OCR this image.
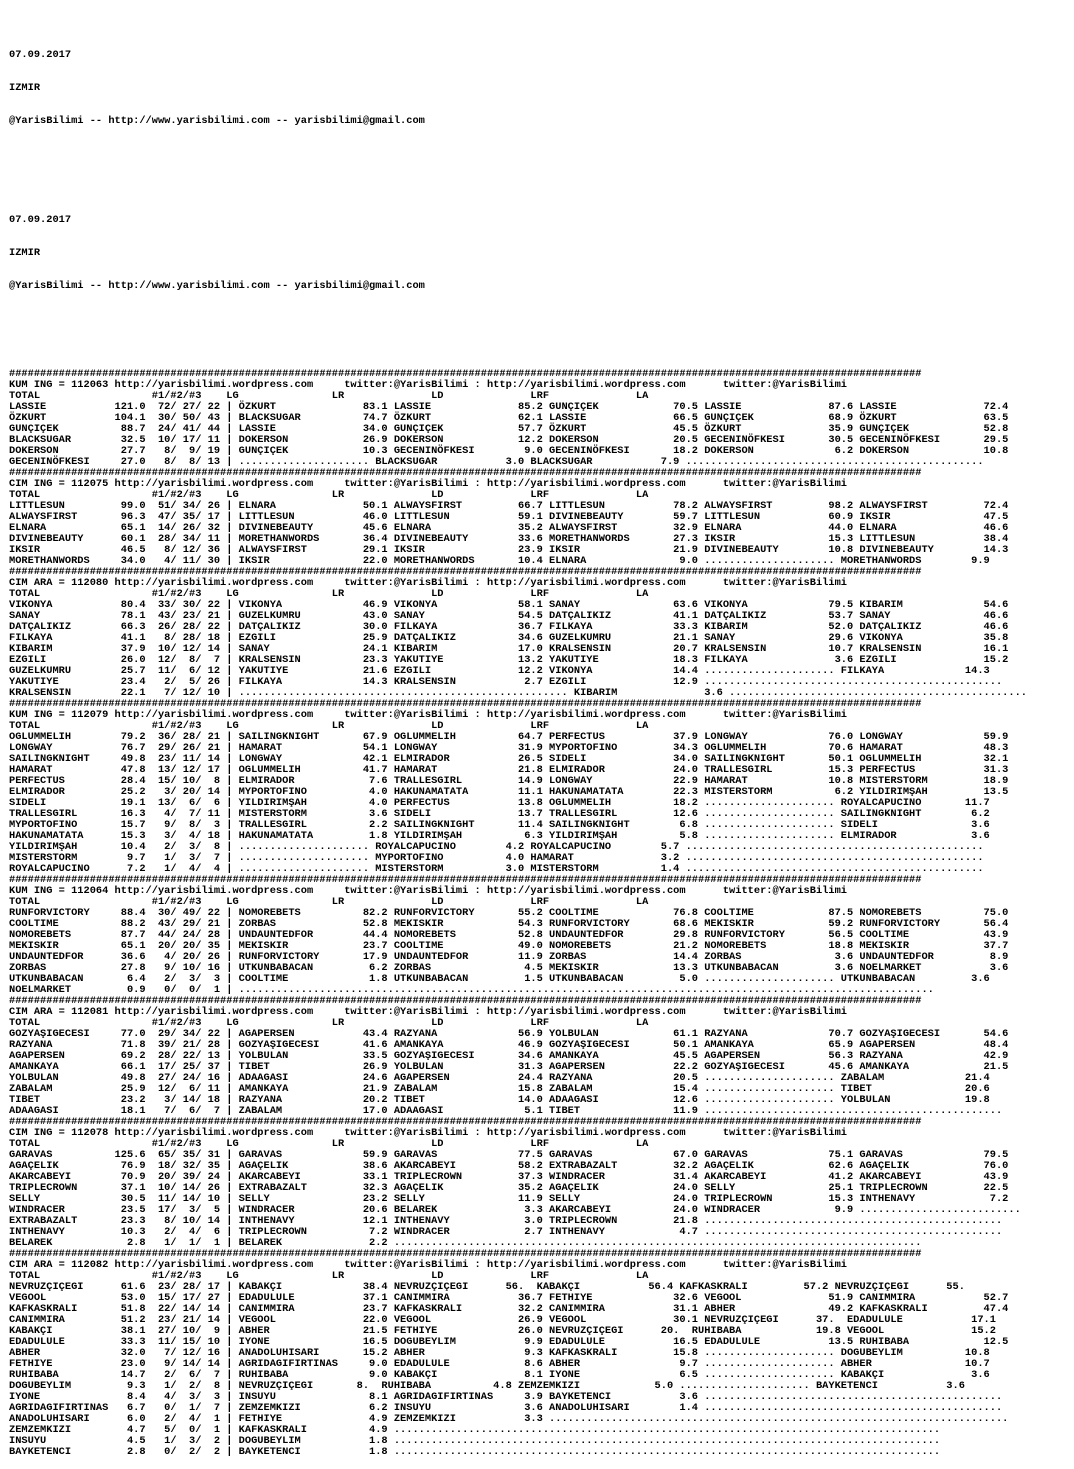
07.09.2017

IZMIR

@YarisBilimi -- http://www.yarisbilimi.com -- yarisbilimi@gmail.com

07.09.2017

IZMIR

@YarisBilimi -- http://www.yarisbilimi.com -- yarisbilimi@gmail.com

###################################################################################################################################################
KUM ING = 112063 http://yarisbilimi.wordpress.com     twitter:@YarisBilimi : http://yarisbilimi.wordpress.com      twitter:@YarisBilimi
TOTAL                  #1/#2/#3    LG               LR              LD              LRF              LA
LASSIE           121.0  72/ 27/ 22 | ÖZKURT              83.1 LASSIE              85.2 GUNÇIÇEK            70.5 LASSIE              87.6 LASSIE              72.4
ÖZKURT           104.1  30/ 50/ 43 | BLACKSUGAR          74.7 ÖZKURT              62.1 LASSIE              66.5 GUNÇIÇEK            68.9 ÖZKURT              63.5
GUNÇIÇEK          88.7  24/ 41/ 44 | LASSIE              34.0 GUNÇIÇEK            57.7 ÖZKURT              45.5 ÖZKURT              35.9 GUNÇIÇEK            52.8
BLACKSUGAR        32.5  10/ 17/ 11 | DOKERSON            26.9 DOKERSON            12.2 DOKERSON            20.5 GECENINÖFKESI       30.5 GECENINÖFKESI       29.5
DOKERSON          27.7   8/  9/ 19 | GUNÇIÇEK            10.3 GECENINÖFKESI        9.0 GECENINÖFKESI       18.2 DOKERSON             6.2 DOKERSON            10.8
GECENINÖFKESI     27.0   8/  8/ 13 | ..................... BLACKSUGAR           3.0 BLACKSUGAR           7.9 ................................................
###################################################################################################################################################
CIM ING = 112075 http://yarisbilimi.wordpress.com     twitter:@YarisBilimi : http://yarisbilimi.wordpress.com      twitter:@YarisBilimi
TOTAL                  #1/#2/#3    LG               LR              LD              LRF              LA
LITTLESUN         99.0  51/ 34/ 26 | ELNARA              50.1 ALWAYSFIRST         66.7 LITTLESUN           78.2 ALWAYSFIRST         98.2 ALWAYSFIRST         72.4
ALWAYSFIRST       96.3  47/ 35/ 17 | LITTLESUN           46.0 LITTLESUN           59.1 DIVINEBEAUTY        59.7 LITTLESUN           60.9 IKSIR               47.5
ELNARA            65.1  14/ 26/ 32 | DIVINEBEAUTY        45.6 ELNARA              35.2 ALWAYSFIRST         32.9 ELNARA              44.0 ELNARA              46.6
DIVINEBEAUTY      60.1  28/ 34/ 11 | MORETHANWORDS       36.4 DIVINEBEAUTY        33.6 MORETHANWORDS       27.3 IKSIR               15.3 LITTLESUN           38.4
IKSIR             46.5   8/ 12/ 36 | ALWAYSFIRST         29.1 IKSIR               23.9 IKSIR               21.9 DIVINEBEAUTY        10.8 DIVINEBEAUTY        14.3
MORETHANWORDS     34.0   4/ 11/ 30 | IKSIR               22.0 MORETHANWORDS       10.4 ELNARA               9.0 ..................... MORETHANWORDS        9.9
###################################################################################################################################################
CIM ARA = 112080 http://yarisbilimi.wordpress.com     twitter:@YarisBilimi : http://yarisbilimi.wordpress.com      twitter:@YarisBilimi
TOTAL                  #1/#2/#3    LG               LR              LD              LRF              LA
VIKONYA           80.4  33/ 30/ 22 | VIKONYA             46.9 VIKONYA             58.1 SANAY               63.6 VIKONYA             79.5 KIBARIM             54.6
SANAY             78.1  43/ 23/ 21 | GUZELKUMRU          43.0 SANAY               54.5 DATÇALIKIZ          41.1 DATÇALIKIZ          53.7 SANAY               46.6
DATÇALIKIZ        66.3  26/ 28/ 22 | DATÇALIKIZ          30.0 FILKAYA             36.7 FILKAYA             33.3 KIBARIM             52.0 DATÇALIKIZ          46.6
FILKAYA           41.1   8/ 28/ 18 | EZGILI              25.9 DATÇALIKIZ          34.6 GUZELKUMRU          21.1 SANAY               29.6 VIKONYA             35.8
KIBARIM           37.9  10/ 12/ 14 | SANAY               24.1 KIBARIM             17.0 KRALSENSIN          20.7 KRALSENSIN          10.7 KRALSENSIN          16.1
EZGILI            26.0  12/  8/  7 | KRALSENSIN          23.3 YAKUTIYE            13.2 YAKUTIYE            18.3 FILKAYA              3.6 EZGILI              15.2
GUZELKUMRU        25.7  11/  6/ 12 | YAKUTIYE            21.6 EZGILI              12.2 VIKONYA             14.4 ..................... FILKAYA             14.3
YAKUTIYE          23.4   2/  5/ 26 | FILKAYA             14.3 KRALSENSIN           2.7 EZGILI              12.9 ................................................
KRALSENSIN        22.1   7/ 12/ 10 | ..................................................... KIBARIM              3.6 ................................................
###################################################################################################################################################
KUM ING = 112079 http://yarisbilimi.wordpress.com     twitter:@YarisBilimi : http://yarisbilimi.wordpress.com      twitter:@YarisBilimi
TOTAL                  #1/#2/#3    LG               LR              LD              LRF              LA
OGLUMMELIH        79.2  36/ 28/ 21 | SAILINGKNIGHT       67.9 OGLUMMELIH          64.7 PERFECTUS           37.9 LONGWAY             76.0 LONGWAY             59.9
LONGWAY           76.7  29/ 26/ 21 | HAMARAT             54.1 LONGWAY             31.9 MYPORTOFINO         34.3 OGLUMMELIH          70.6 HAMARAT             48.3
SAILINGKNIGHT     49.8  23/ 11/ 14 | LONGWAY             42.1 ELMIRADOR           26.5 SIDELI              34.0 SAILINGKNIGHT       50.1 OGLUMMELIH          32.1
HAMARAT           47.8  13/ 12/ 17 | OGLUMMELIH          41.7 HAMARAT             21.8 ELMIRADOR           24.0 TRALLESGIRL         15.3 PERFECTUS           31.3
PERFECTUS         28.4  15/ 10/  8 | ELMIRADOR            7.6 TRALLESGIRL         14.9 LONGWAY             22.9 HAMARAT             10.8 MISTERSTORM         18.9
ELMIRADOR         25.2   3/ 20/ 14 | MYPORTOFINO          4.0 HAKUNAMATATA        11.1 HAKUNAMATATA        22.3 MISTERSTORM          6.2 YILDIRIMŞAH         13.5
SIDELI            19.1  13/  6/  6 | YILDIRIMŞAH          4.0 PERFECTUS           13.8 OGLUMMELIH          18.2 ..................... ROYALCAPUCINO       11.7
TRALLESGIRL       16.3   4/  7/ 11 | MISTERSTORM          3.6 SIDELI              13.7 TRALLESGIRL         12.6 ..................... SAILINGKNIGHT        6.2
MYPORTOFINO       15.7   9/  8/  3 | TRALLESGIRL          2.2 SAILINGKNIGHT       11.4 SAILINGKNIGHT        6.8 ..................... SIDELI               3.6
HAKUNAMATATA      15.3   3/  4/ 18 | HAKUNAMATATA         1.8 YILDIRIMŞAH          6.3 YILDIRIMŞAH          5.8 ..................... ELMIRADOR            3.6
YILDIRIMŞAH       10.4   2/  3/  8 | ..................... ROYALCAPUCINO        4.2 ROYALCAPUCINO        5.7 ................................................
MISTERSTORM        9.7   1/  3/  7 | ..................... MYPORTOFINO          4.0 HAMARAT              3.2 ................................................
ROYALCAPUCINO      7.2   1/  4/  4 | ..................... MISTERSTORM          3.0 MISTERSTORM          1.4 ................................................
###################################################################################################################################################
KUM ING = 112064 http://yarisbilimi.wordpress.com     twitter:@YarisBilimi : http://yarisbilimi.wordpress.com      twitter:@YarisBilimi
TOTAL                  #1/#2/#3    LG               LR              LD              LRF              LA
RUNFORVICTORY     88.4  30/ 49/ 22 | NOMOREBETS          82.2 RUNFORVICTORY       55.2 COOLTIME            76.8 COOLTIME            87.5 NOMOREBETS          75.0
COOLTIME          88.2  43/ 29/ 21 | ZORBAS              52.8 MEKISKIR            54.3 RUNFORVICTORY       68.6 MEKISKIR            59.2 RUNFORVICTORY       56.4
NOMOREBETS        87.7  44/ 24/ 28 | UNDAUNTEDFOR        44.4 NOMOREBETS          52.8 UNDAUNTEDFOR        29.8 RUNFORVICTORY       56.5 COOLTIME            43.9
MEKISKIR          65.1  20/ 20/ 35 | MEKISKIR            23.7 COOLTIME            49.0 NOMOREBETS          21.2 NOMOREBETS          18.8 MEKISKIR            37.7
UNDAUNTEDFOR      36.6   4/ 20/ 26 | RUNFORVICTORY       17.9 UNDAUNTEDFOR        11.9 ZORBAS              14.4 ZORBAS               3.6 UNDAUNTEDFOR         8.9
ZORBAS            27.8   9/ 10/ 16 | UTKUNBABACAN         6.2 ZORBAS               4.5 MEKISKIR            13.3 UTKUNBABACAN         3.6 NOELMARKET           3.6
UTKUNBABACAN       6.4   2/  3/  3 | COOLTIME             1.8 UTKUNBABACAN         1.5 UTKUNBABACAN         5.0 ..................... UTKUNBABACAN         3.6
NOELMARKET         0.9   0/  0/  1 | ................................................................................................................
###################################################################################################################################################
CIM ARA = 112081 http://yarisbilimi.wordpress.com     twitter:@YarisBilimi : http://yarisbilimi.wordpress.com      twitter:@YarisBilimi
TOTAL                  #1/#2/#3    LG               LR              LD              LRF              LA
GOZYAŞIGECESI     77.0  29/ 34/ 22 | AGAPERSEN           43.4 RAZYANA             56.9 YOLBULAN            61.1 RAZYANA             70.7 GOZYAŞIGECESI       54.6
RAZYANA           71.8  39/ 21/ 28 | GOZYAŞIGECESI       41.6 AMANKAYA            46.9 GOZYAŞIGECESI       50.1 AMANKAYA            65.9 AGAPERSEN           48.4
AGAPERSEN         69.2  28/ 22/ 13 | YOLBULAN            33.5 GOZYAŞIGECESI       34.6 AMANKAYA            45.5 AGAPERSEN           56.3 RAZYANA             42.9
AMANKAYA          66.1  17/ 25/ 37 | TIBET               26.9 YOLBULAN            31.3 AGAPERSEN           22.2 GOZYAŞIGECESI       45.6 AMANKAYA            21.5
YOLBULAN          49.8  27/ 24/ 16 | ADAAGASI            24.6 AGAPERSEN           24.4 RAZYANA             20.5 ..................... ZABALAM             21.4
ZABALAM           25.9  12/  6/ 11 | AMANKAYA            21.9 ZABALAM             15.8 ZABALAM             15.4 ..................... TIBET               20.6
TIBET             23.2   3/ 14/ 18 | RAZYANA             20.2 TIBET               14.0 ADAAGASI            12.6 ..................... YOLBULAN            19.8
ADAAGASI          18.1   7/  6/  7 | ZABALAM             17.0 ADAAGASI             5.1 TIBET               11.9 ................................................
###################################################################################################################################################
CIM ING = 112078 http://yarisbilimi.wordpress.com     twitter:@YarisBilimi : http://yarisbilimi.wordpress.com      twitter:@YarisBilimi
TOTAL                  #1/#2/#3    LG               LR              LD              LRF              LA
GARAVAS          125.6  65/ 35/ 31 | GARAVAS             59.9 GARAVAS             77.5 GARAVAS             67.0 GARAVAS             75.1 GARAVAS             79.5
AGAÇELIK          76.9  18/ 32/ 35 | AGAÇELIK            38.6 AKARCABEYI          58.2 EXTRABAZALT         32.2 AGAÇELIK            62.6 AGAÇELIK            76.0
AKARCABEYI        70.9  20/ 39/ 24 | AKARCABEYI          33.1 TRIPLECROWN         37.3 WINDRACER           31.4 AKARCABEYI          41.2 AKARCABEYI          43.9
TRIPLECROWN       37.1  10/ 14/ 26 | EXTRABAZALT         32.3 AGAÇELIK            35.2 AGAÇELIK            24.0 SELLY               25.1 TRIPLECROWN         22.5
SELLY             30.5  11/ 14/ 10 | SELLY               23.2 SELLY               11.9 SELLY               24.0 TRIPLECROWN         15.3 INTHENAVY            7.2
WINDRACER         23.5  17/  3/  5 | WINDRACER           20.6 BELAREK              3.3 AKARCABEYI          24.0 WINDRACER            9.9 ..........................
EXTRABAZALT       23.3   8/ 10/ 14 | INTHENAVY           12.1 INTHENAVY            3.0 TRIPLECROWN         21.8 ................................................
INTHENAVY         10.3   2/  4/  6 | TRIPLECROWN          7.2 WINDRACER            2.7 INTHENAVY            4.7 ................................................
BELAREK            2.8   1/  1/  1 | BELAREK              2.2 .....................................................................................
###################################################################################################################################################
CIM ARA = 112082 http://yarisbilimi.wordpress.com     twitter:@YarisBilimi : http://yarisbilimi.wordpress.com      twitter:@YarisBilimi
TOTAL                  #1/#2/#3    LG               LR              LD              LRF              LA
NEVRUZÇIÇEGI      61.6  23/ 28/ 17 | KABAKÇI             38.4 NEVRUZÇIÇEGI      56.  KABAKÇI           56.4 KAFKASKRALI         57.2 NEVRUZÇIÇEGI      55.
VEGOOL            53.0  15/ 17/ 27 | EDADULULE           37.1 CANIMMIRA           36.7 FETHIYE             32.6 VEGOOL              51.9 CANIMMIRA           52.7
KAFKASKRALI       51.8  22/ 14/ 14 | CANIMMIRA           23.7 KAFKASKRALI         32.2 CANIMMIRA           31.1 ABHER               49.2 KAFKASKRALI         47.4
CANIMMIRA         51.2  23/ 21/ 14 | VEGOOL              22.0 VEGOOL              26.9 VEGOOL              30.1 NEVRUZÇIÇEGI      37.  EDADULULE           17.1
KABAKÇI           38.1  27/ 10/  9 | ABHER               21.5 FETHIYE             26.0 NEVRUZÇIÇEGI      20.  RUHIBABA            19.8 VEGOOL              15.2
EDADULULE         33.3  11/ 15/ 10 | IYONE               16.5 DOGUBEYLIM           9.9 EDADULULE           16.5 EDADULULE           13.5 RUHIBABA            12.5
ABHER             32.0   7/ 12/ 16 | ANADOLUHISARI       15.2 ABHER                9.3 KAFKASKRALI         15.8 ..................... DOGUBEYLIM          10.8
FETHIYE           23.0   9/ 14/ 14 | AGRIDAGIFIRTINAS     9.0 EDADULULE            8.6 ABHER                9.7 ..................... ABHER               10.7
RUHIBABA          14.7   2/  6/  7 | RUHIBABA             9.0 KABAKÇI              8.1 IYONE                6.5 ..................... KABAKÇI              3.6
DOGUBEYLIM         9.3   1/  2/  8 | NEVRUZÇIÇEGI       8.  RUHIBABA          4.8 ZEMZEMKIZI            5.0 ..................... BAYKETENCI           3.6
IYONE              8.4   4/  3/  3 | INSUYU               8.1 AGRIDAGIFIRTINAS     3.9 BAYKETENCI           3.6 ................................................
AGRIDAGIFIRTINAS   6.7   0/  1/  7 | ZEMZEMKIZI           6.2 INSUYU               3.6 ANADOLUHISARI        1.4 ................................................
ANADOLUHISARI      6.0   2/  4/  1 | FETHIYE              4.9 ZEMZEMKIZI           3.3 ..........................................................................
ZEMZEMKIZI         4.7   5/  0/  1 | KAFKASKRALI          4.9 ........................................................................................
INSUYU             4.5   1/  3/  2 | DOGUBEYLIM           1.8 ........................................................................................
BAYKETENCI         2.8   0/  2/  2 | BAYKETENCI           1.8 ........................................................................................
